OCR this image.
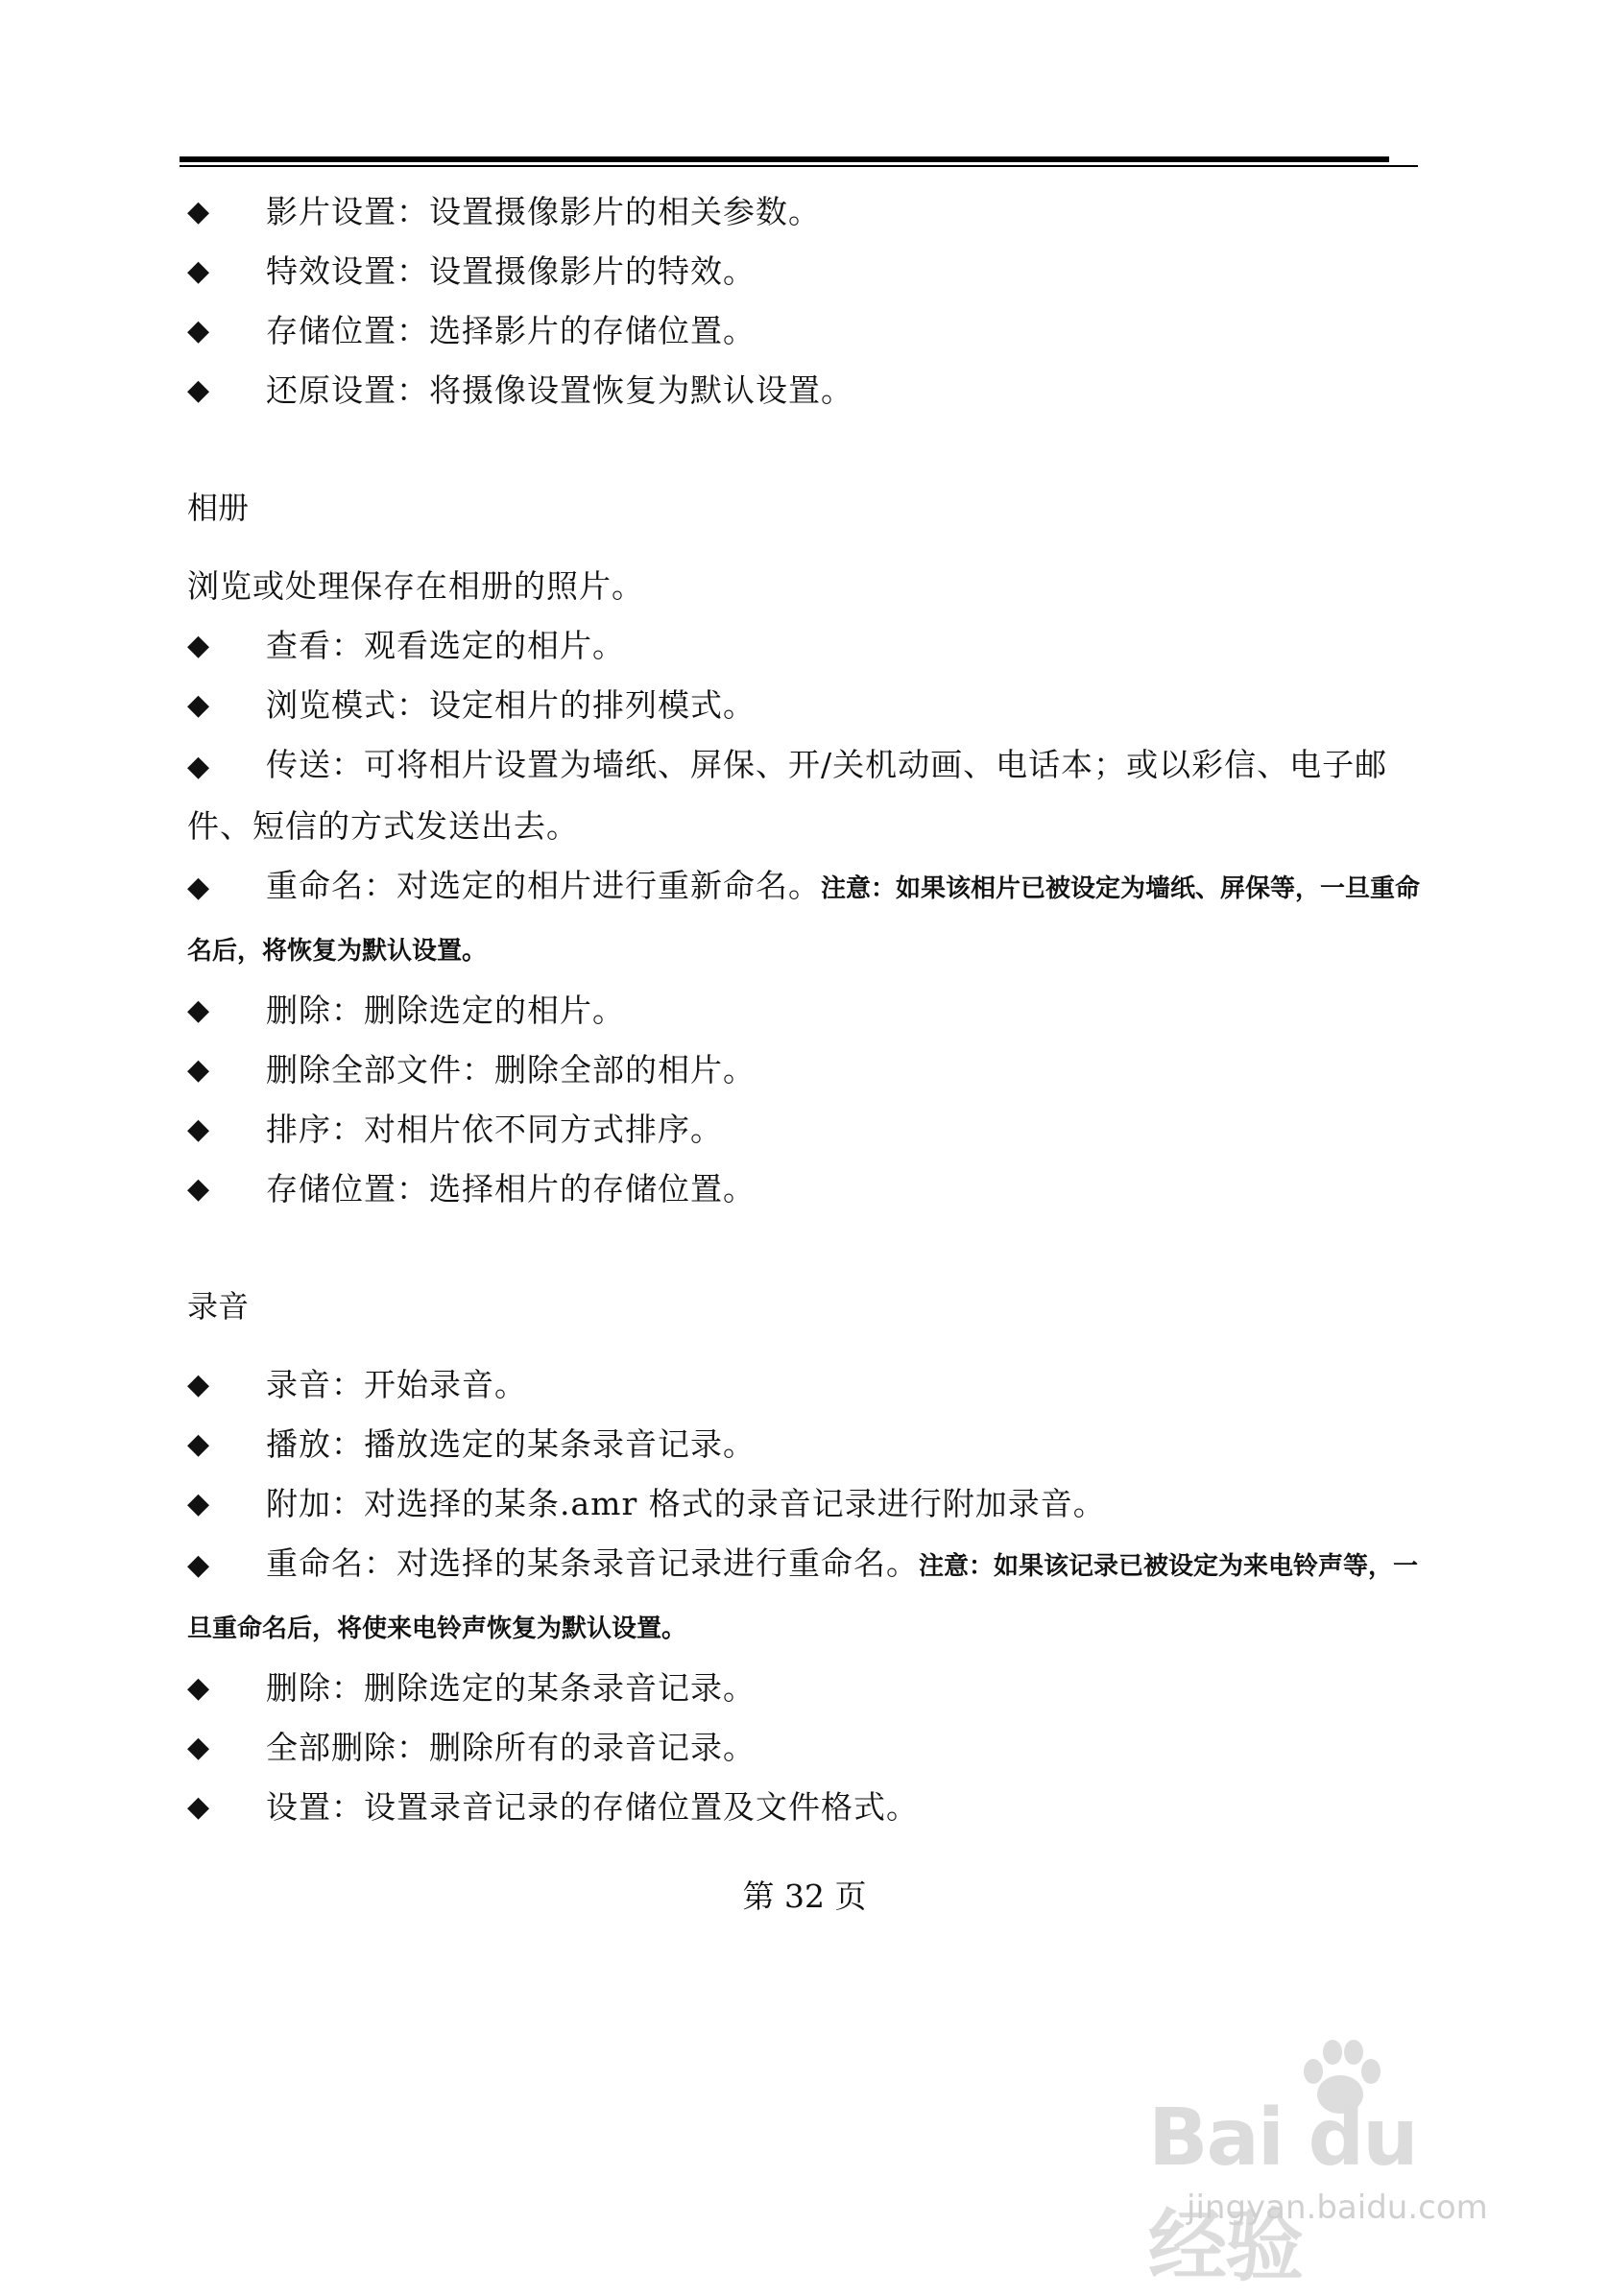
◆	影片设置：设置摄像影片的相关参数。
◆	特效设置：设置摄像影片的特效。
◆	存储位置：选择影片的存储位置。
◆	还原设置：将摄像设置恢复为默认设置。
相册
浏览或处理保存在相册的照片。
◆	查看：观看选定的相片。
◆	浏览模式：设定相片的排列模式。
◆ 传送：可将相片设置为墙纸、屏保、开/关机动画、电话本；或以彩信、电子邮件、短信的方式发送出去。
◆ 重命名：对选定的相片进行重新命名。注意：如果该相片已被设定为墙纸、屏保等，一旦重命名后，将恢复为默认设置。
◆	删除：删除选定的相片。
◆	删除全部文件：删除全部的相片。
◆	排序：对相片依不同方式排序。
◆	存储位置：选择相片的存储位置。
录音
◆	录音：开始录音。
◆	播放：播放选定的某条录音记录。
◆	附加：对选择的某条.amr 格式的录音记录进行附加录音。
◆ 重命名：对选择的某条录音记录进行重命名。注意：如果该记录已被设定为来电铃声等，一旦重命名后，将使来电铃声恢复为默认设置。
◆	删除：删除选定的某条录音记录。
◆	全部删除：删除所有的录音记录。
◆	设置：设置录音记录的存储位置及文件格式。
第 32 页
Bai du 经验
jingyan.baidu.com
